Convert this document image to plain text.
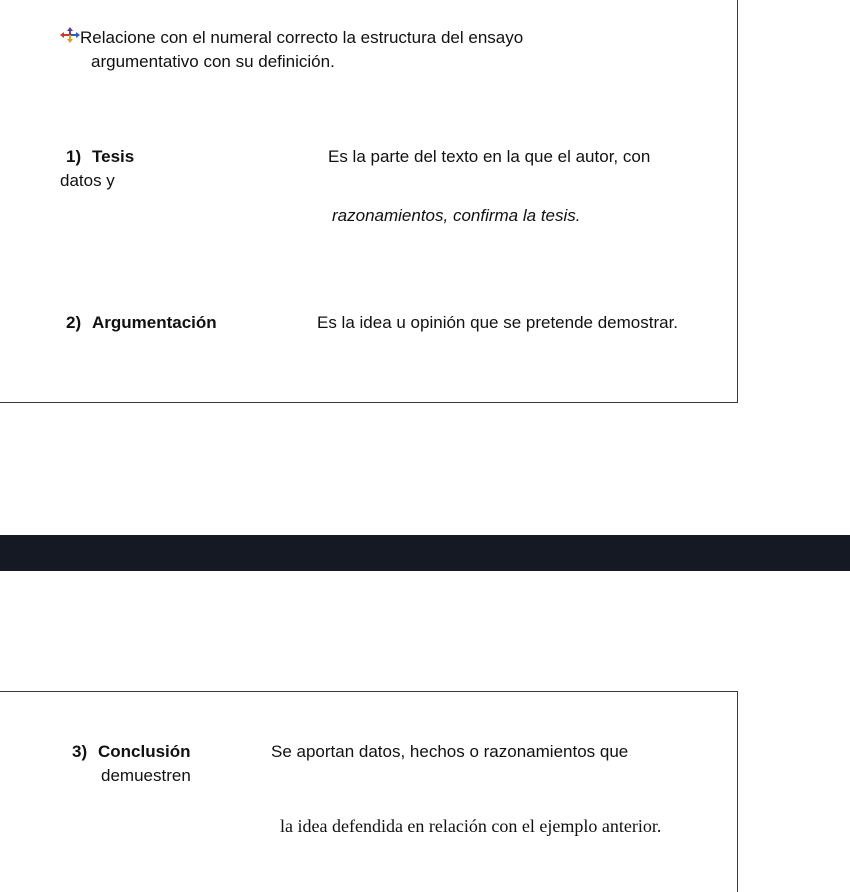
Relacione con el numeral correcto la estructura del ensayo
argumentativo con su definición.
1) Tesis	Es la parte del texto en la que el autor, con
datos y
razonamientos, confirma la tesis.
2) Argumentación	Es la idea u opinión que se pretende demostrar.
3) Conclusión	Se aportan datos, hechos o razonamientos que
demuestren
la idea defendida en relación con el ejemplo anterior.
